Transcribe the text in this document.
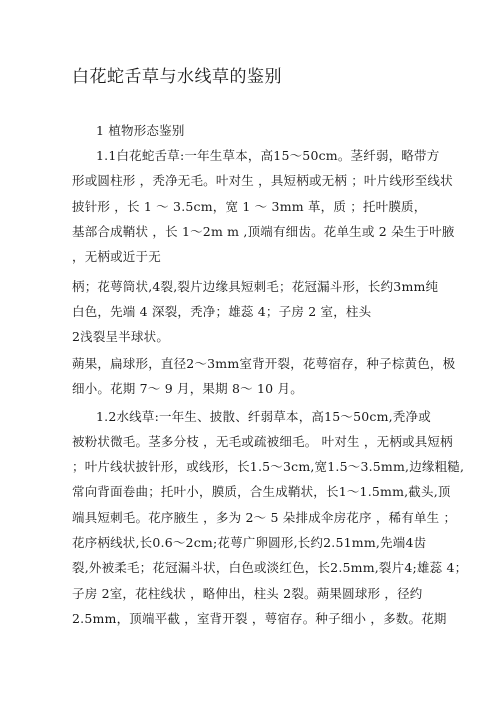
白花蛇舌草与水线草的鉴别
1 植物形态鉴别
1.1白花蛇舌草:一年生草本，高15～50cm。茎纤弱，略带方
形或圆柱形 ，秃净无毛。叶对生 ，具短柄或无柄 ；叶片线形至线状
披针形 ，长 1 ～ 3.5cm，宽 1 ～ 3mm 革，质 ；托叶膜质，
基部合成鞘状 ，长 1～2m m ,顶端有细齿。花单生或 2 朵生于叶腋
，无柄或近于无
柄；花萼筒状,4裂,裂片边缘具短刺毛；花冠漏斗形，长约3mm纯
白色，先端 4 深裂，秃净；雄蕊 4；子房 2 室，柱头
2浅裂呈半球状。
蒴果，扁球形，直径2～3mm室背开裂，花萼宿存，种子棕黄色，极
细小。花期 7～ 9 月，果期 8～ 10 月。
1.2水线草:一年生、披散、纤弱草本，高15～50cm,秃净或
被粉状微毛。茎多分枝 ，无毛或疏被细毛。 叶对生 ，无柄或具短柄
；叶片线状披针形，或线形，长1.5～3cm,宽1.5～3.5mm,边缘粗糙,
常向背面卷曲；托叶小，膜质，合生成鞘状，长1～1.5mm,截头,顶
端具短刺毛。花序腋生 ，多为 2～ 5 朵排成伞房花序 ，稀有单生 ；
花序柄线状,长0.6～2cm;花萼广卵圆形,长约2.51mm,先端4齿
裂,外被柔毛；花冠漏斗状，白色或淡红色，长2.5mm,裂片4;雄蕊 4；
子房 2室，花柱线状 ，略伸出，柱头 2裂。蒴果圆球形 ，径约
2.5mm，顶端平截 ，室背开裂 ，萼宿存。种子细小 ，多数。花期
